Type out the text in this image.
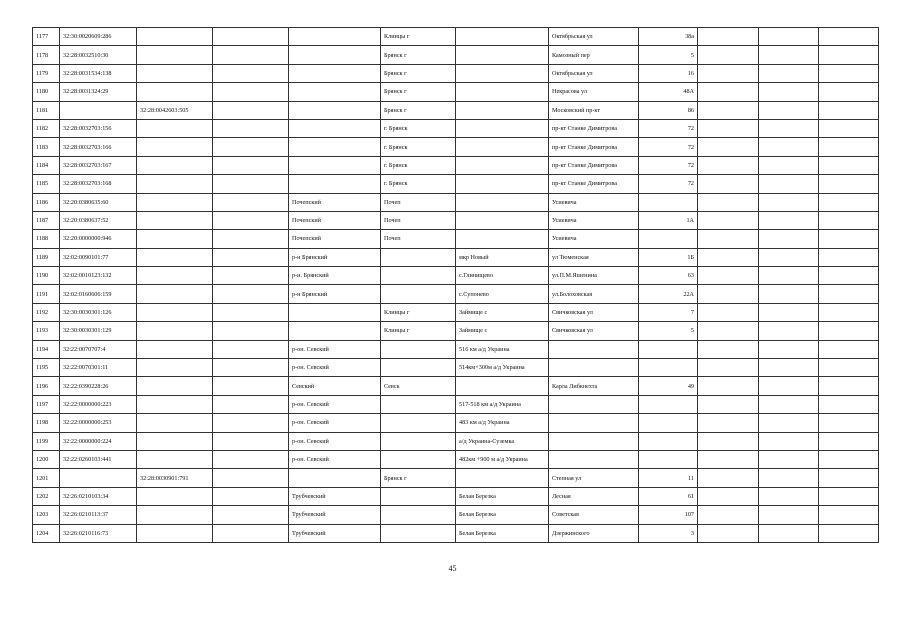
1177	32:30:0020609:286				Клинцы г		Октябрьская ул	38а			
1178	32:28:0032510:30				Брянск г		Камозный пер	5			
1179	32:28:0031534:138				Брянск г		Октябрьская ул	16			
1180	32:28:0031324:29				Брянск г		Некрасова ул	48А			
1181		32:28:0042603:505			Брянск г		Московский пр-кт	86			
1182	32:28:0032703:156				г. Брянск		пр-кт Станке Димитрова	72			
1183	32:28:0032703:166				г. Брянск		пр-кт Станке Димитрова	72			
1184	32:28:0032703:167				г. Брянск		пр-кт Станке Димитрова	72			
1185	32:28:0032703:168				г. Брянск		пр-кт Станке Димитрова	72			
1186	32:20:0380635:60			Почепский	Почеп		Усиевича				
1187	32:20:0380637:52			Почепский	Почеп		Усиевича	1А			
1188	32:20:0000000:946			Почепский	Почеп		Усиевича				
1189	32:02:0090101:77			р-н Брянский		мкр Новый	ул Тюменская	1Б			
1190	32:02:0010123:132			р-н. Брянский		с.Глинищево	ул.П.М.Яшенина	63			
1191	32:02:0160606:159			р-н Брянский		с.Супонево	ул.Болоховская	22А			
1192	32:30:0030301:126				Клинцы г	Займище с	Свичковская ул	7			
1193	32:30:0030301:129				Клинцы г	Займище с	Свичковская ул	5			
1194	32:22:0070707:4			р-он. Севский		516 км а/д Украина					
1195	32:22:0070301:11			р-он. Севский		514км+300м а/д Украина					
1196	32:22:0390228:26			Севский	Севск		Карла Либкнехта	49			
1197	32:22:0000000:223			р-он. Севский		517-518 км а/д Украина					
1198	32:22:0000000:253			р-он. Севский		483 км а/д Украина					
1199	32:22:0000000:224			р-он. Севский		а/д Украина-Суземка					
1200	32:22:0260103:441			р-он. Севский		482км +900 м а/д Украина					
1201		32:28:0030901:791			Брянск г		Степная ул	11			
1202	32:26:0210103:34			Трубчевский		Белая Березка	Лесная	61			
1203	32:26:0210113:37			Трубчевский		Белая Березка	Советская	107			
1204	32:26:0210116:73			Трубчевский		Белая Березка	Дзержинского	3			
45
